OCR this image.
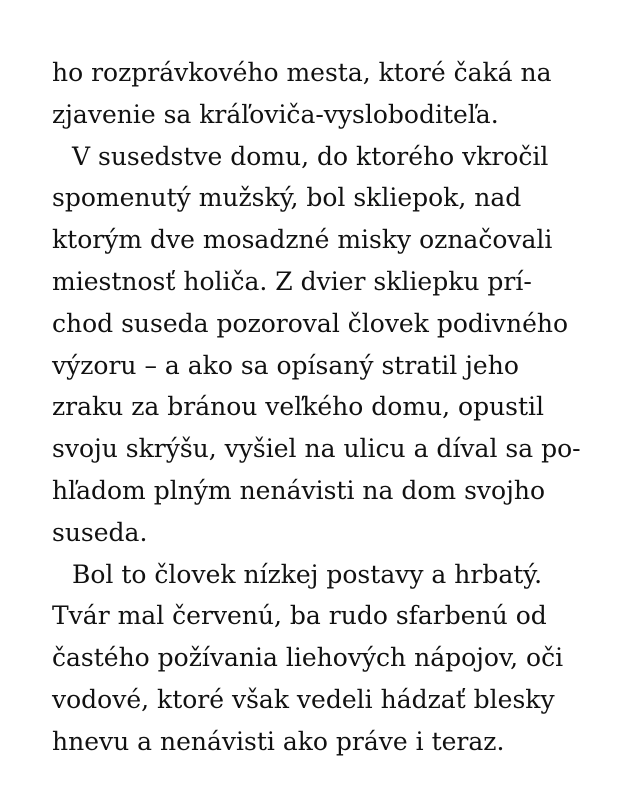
ho rozprávkového mesta, ktoré čaká na
zjavenie sa kráľoviča-vysloboditeľa.
V susedstve domu, do ktorého vkročil
spomenutý mužský, bol skliepok, nad
ktorým dve mosadzné misky označovali
miestnosť holiča. Z dvier skliepku prí-
chod suseda pozoroval človek podivného
výzoru – a ako sa opísaný stratil jeho
zraku za bránou veľkého domu, opustil
svoju skrýšu, vyšiel na ulicu a díval sa po-
hľadom plným nenávisti na dom svojho
suseda.
Bol to človek nízkej postavy a hrbatý.
Tvár mal červenú, ba rudo sfarbenú od
častého požívania liehových nápojov, oči
vodové, ktoré však vedeli hádzať blesky
hnevu a nenávisti ako práve i teraz.
